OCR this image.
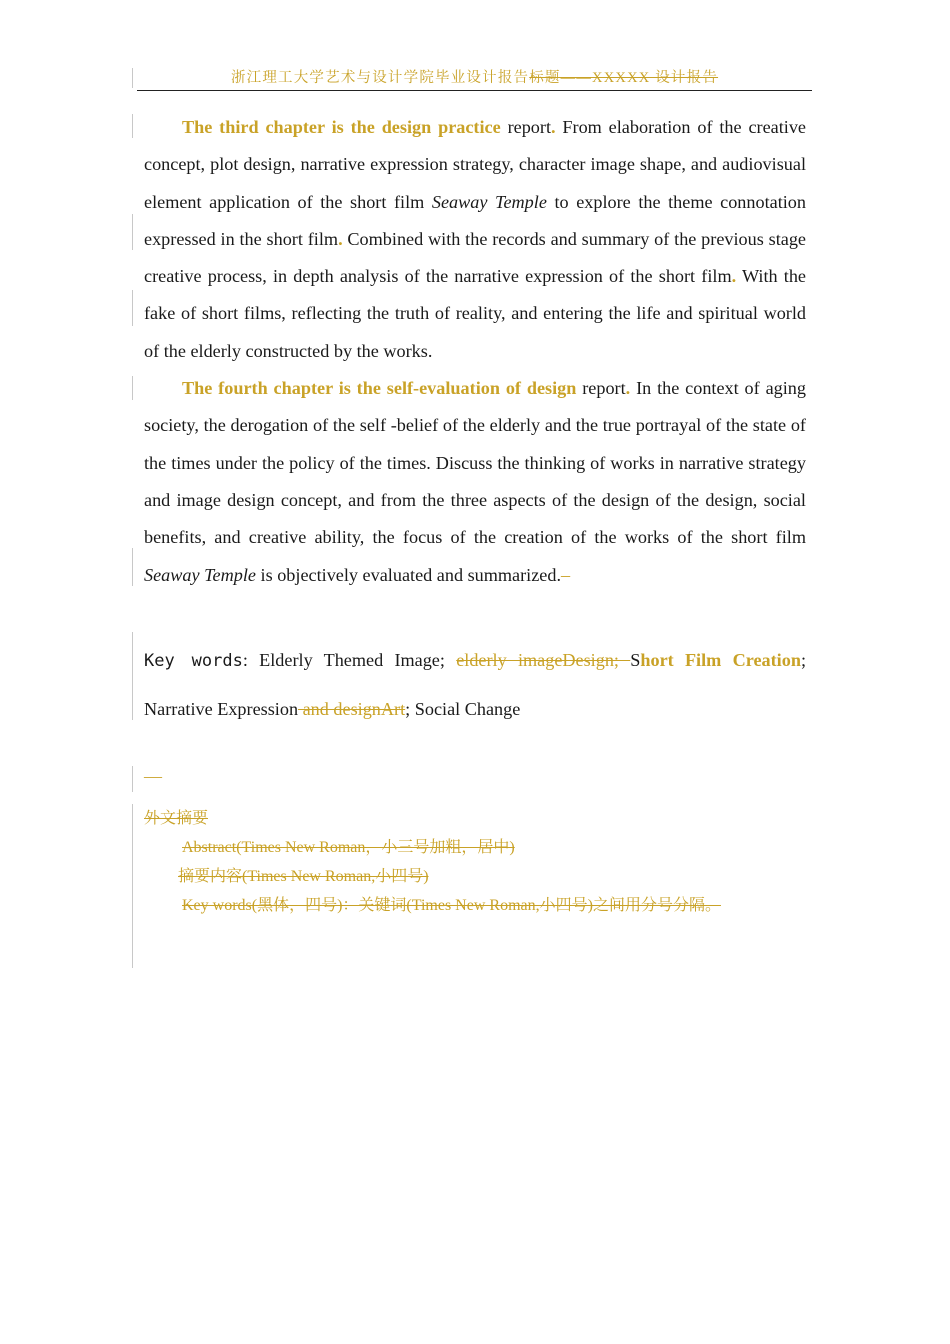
浙江理工大学艺术与设计学院毕业设计报告标题——XXXXX 设计报告

The third chapter is the design practice report. From elaboration of the creative concept, plot design, narrative expression strategy, character image shape, and audiovisual element application of the short film Seaway Temple to explore the theme connotation expressed in the short film. Combined with the records and summary of the previous stage creative process, in depth analysis of the narrative expression of the short film. With the fake of short films, reflecting the truth of reality, and entering the life and spiritual world of the elderly constructed by the works.

The fourth chapter is the self-evaluation of design report. In the context of aging society, the derogation of the self -belief of the elderly and the true portrayal of the state of the times under the policy of the times. Discuss the thinking of works in narrative strategy and image design concept, and from the three aspects of the design of the design, social benefits, and creative ability, the focus of the creation of the works of the short film Seaway Temple is objectively evaluated and summarized.–

Key words: Elderly Themed Image; elderly imageDesign; Short Film Creation; Narrative Expression and designArt; Social Change
—
外文摘要
Abstract(Times New Roman，小三号加粗，居中)
摘要内容(Times New Roman,小四号)
Key words(黑体，四号)：关键词(Times New Roman,小四号)之间用分号分隔。
